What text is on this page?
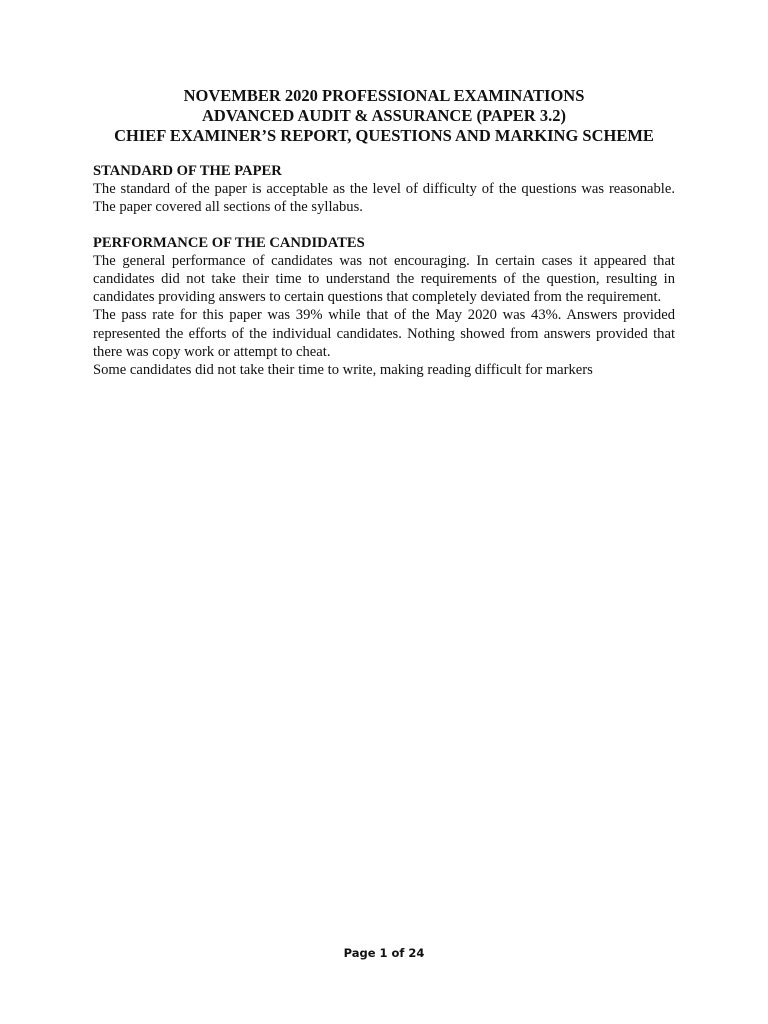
NOVEMBER 2020 PROFESSIONAL EXAMINATIONS
ADVANCED AUDIT & ASSURANCE (PAPER 3.2)
CHIEF EXAMINER’S REPORT, QUESTIONS AND MARKING SCHEME

STANDARD OF THE PAPER

The standard of the paper is acceptable as the level of difficulty of the questions was reasonable. The paper covered all sections of the syllabus.

PERFORMANCE OF THE CANDIDATES

The general performance of candidates was not encouraging. In certain cases it appeared that candidates did not take their time to understand the requirements of the question, resulting in candidates providing answers to certain questions that completely deviated from the requirement.

The pass rate for this paper was 39% while that of the May 2020 was 43%. Answers provided represented the efforts of the individual candidates. Nothing showed from answers provided that there was copy work or attempt to cheat.

Some candidates did not take their time to write, making reading difficult for markers

Page 1 of 24
